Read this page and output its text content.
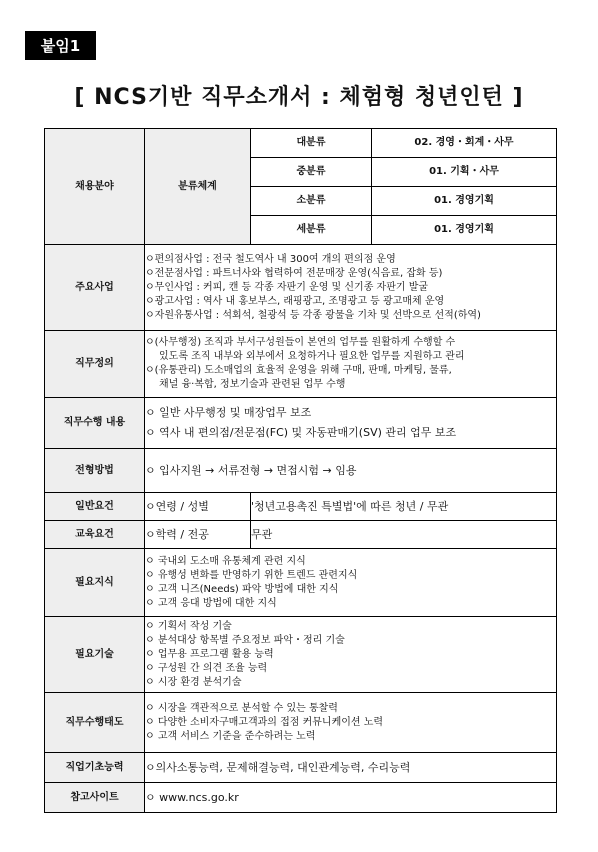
붙임1
[ NCS기반 직무소개서 : 체험형 청년인턴 ]
채용분야	분류체계	대분류	02. 경영・회계・사무
		중분류	01. 기획・사무
		소분류	01. 경영기획
		세분류	01. 경영기획
주요사업	ㅇ편의점사업 : 전국 철도역사 내 300여 개의 편의점 운영
ㅇ전문점사업 : 파트너사와 협력하여 전문매장 운영(식음료, 잡화 등)
ㅇ무인사업 : 커피, 캔 등 각종 자판기 운영 및 신기종 자판기 발굴
ㅇ광고사업 : 역사 내 홍보부스, 래핑광고, 조명광고 등 광고매체 운영
ㅇ자원유통사업 : 석회석, 철광석 등 각종 광물을 기차 및 선박으로 선적(하역)		

직무정의	ㅇ(사무행정) 조직과 부서구성원들이 본연의 업무를 원활하게 수행할 수
있도록 조직 내부와 외부에서 요청하거나 필요한 업무를 지원하고 관리
ㅇ(유통관리) 도소매업의 효율적 운영을 위해 구매, 판매, 마케팅, 물류,
채널 융·복합, 정보기술과 관련된 업무 수행		

직무수행 내용	ㅇ 일반 사무행정 및 매장업무 보조
ㅇ 역사 내 편의점/전문점(FC) 및 자동판매기(SV) 관리 업무 보조		

전형방법	ㅇ 입사지원 → 서류전형 → 면접시험 → 임용		

일반요건	ㅇ연령 / 성별	'청년고용촉진 특별법'에 따른 청년 / 무관	
교육요건	ㅇ학력 / 전공	무관	
필요지식	ㅇ 국내외 도소매 유통체계 관련 지식
ㅇ 유행성 변화를 반영하기 위한 트렌드 관련지식
ㅇ 고객 니즈(Needs) 파악 방법에 대한 지식
ㅇ 고객 응대 방법에 대한 지식		

필요기술	ㅇ 기획서 작성 기술
ㅇ 분석대상 항목별 주요정보 파악・정리 기술
ㅇ 업무용 프로그램 활용 능력
ㅇ 구성원 간 의견 조율 능력
ㅇ 시장 환경 분석기술		

직무수행태도	ㅇ 시장을 객관적으로 분석할 수 있는 통찰력
ㅇ 다양한 소비자구매고객과의 접점 커뮤니케이션 노력
ㅇ 고객 서비스 기준을 준수하려는 노력		

직업기초능력	ㅇ의사소통능력, 문제해결능력, 대인관계능력, 수리능력		
참고사이트	ㅇ www.ncs.go.kr		
